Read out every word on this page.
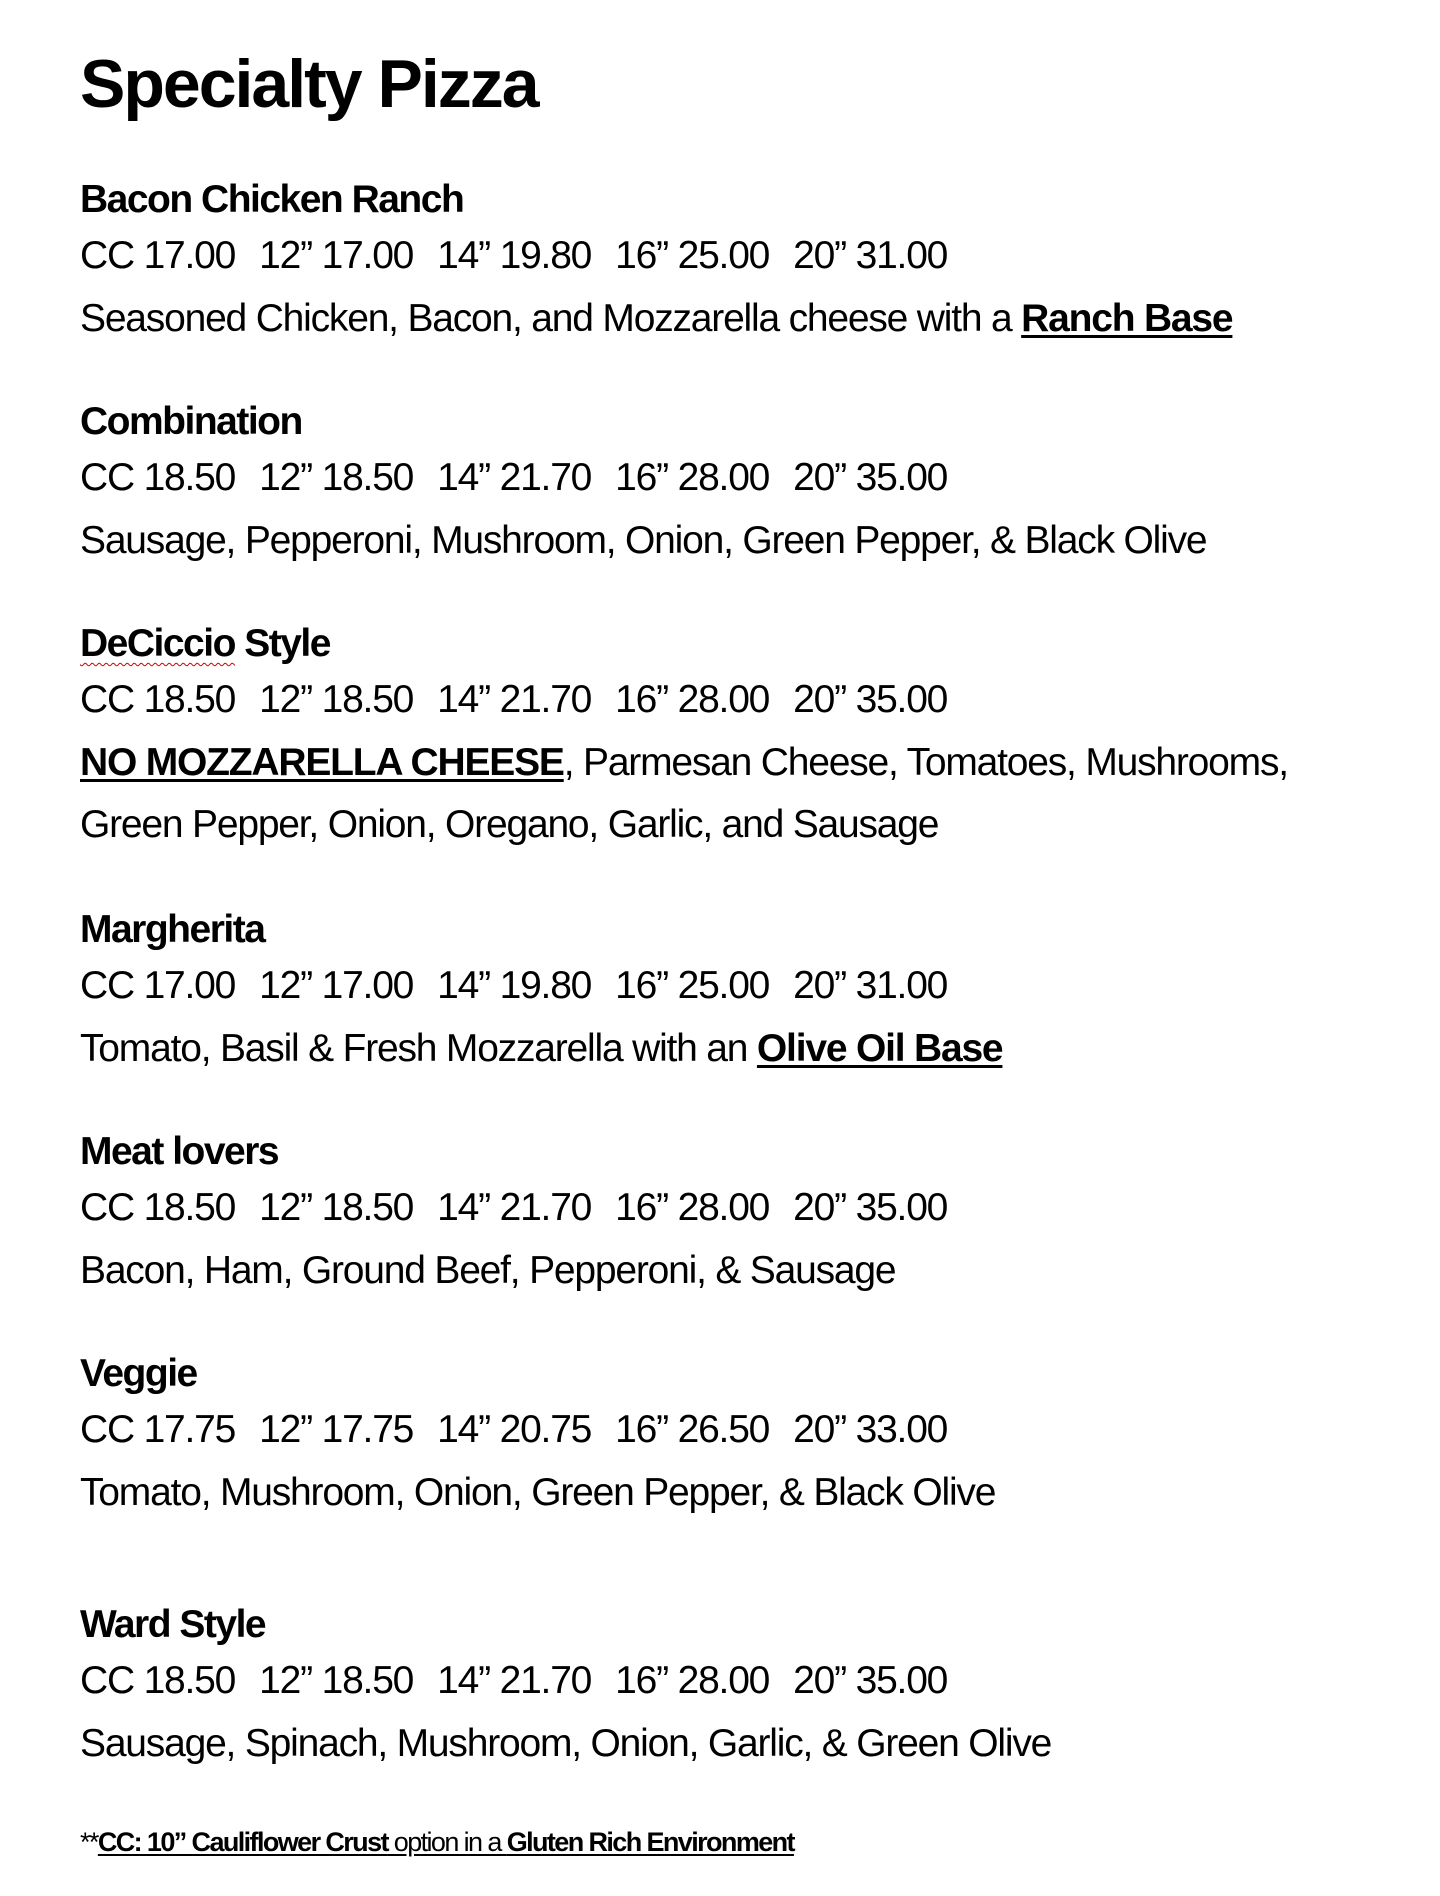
Specialty Pizza
Bacon Chicken Ranch
CC 17.00 12” 17.00 14” 19.80 16” 25.00 20” 31.00
Seasoned Chicken, Bacon, and Mozzarella cheese with a Ranch Base
Combination
CC 18.50 12” 18.50 14” 21.70 16” 28.00 20” 35.00
Sausage, Pepperoni, Mushroom, Onion, Green Pepper, & Black Olive
DeCiccio Style
CC 18.50 12” 18.50 14” 21.70 16” 28.00 20” 35.00
NO MOZZARELLA CHEESE, Parmesan Cheese, Tomatoes, Mushrooms, Green Pepper, Onion, Oregano, Garlic, and Sausage
Margherita
CC 17.00 12” 17.00 14” 19.80 16” 25.00 20” 31.00
Tomato, Basil & Fresh Mozzarella with an Olive Oil Base
Meat lovers
CC 18.50 12” 18.50 14” 21.70 16” 28.00 20” 35.00
Bacon, Ham, Ground Beef, Pepperoni, & Sausage
Veggie
CC 17.75 12” 17.75 14” 20.75 16” 26.50 20” 33.00
Tomato, Mushroom, Onion, Green Pepper, & Black Olive
Ward Style
CC 18.50 12” 18.50 14” 21.70 16” 28.00 20” 35.00
Sausage, Spinach, Mushroom, Onion, Garlic, & Green Olive
**CC: 10” Cauliflower Crust option in a Gluten Rich Environment
